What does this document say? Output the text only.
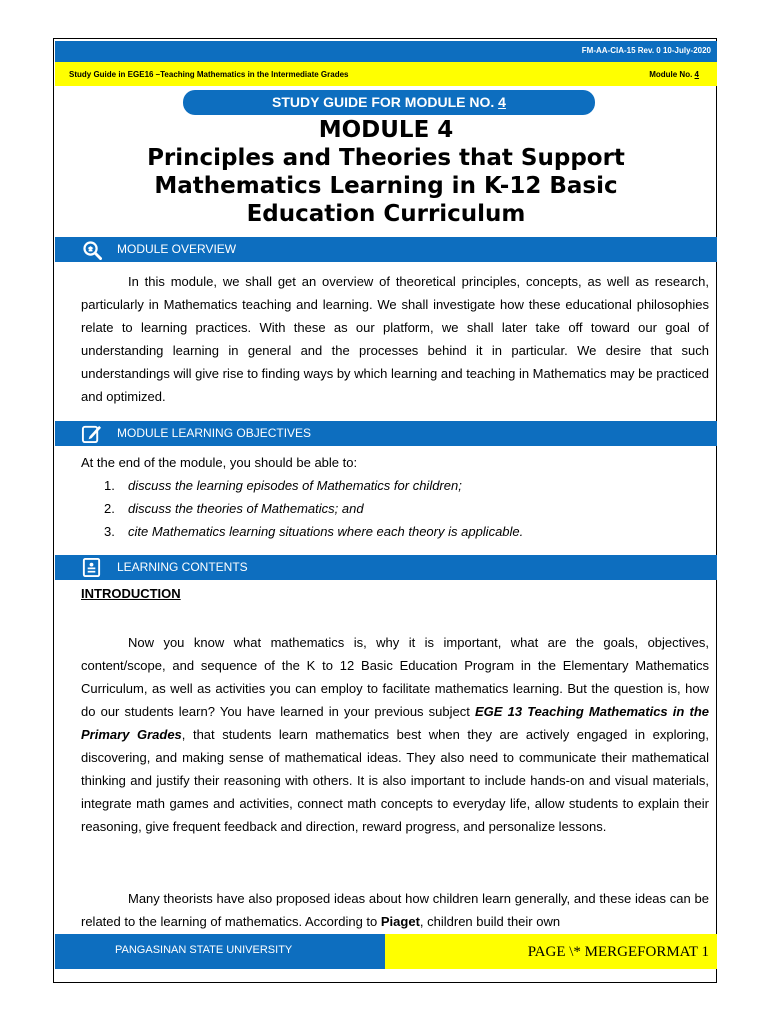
FM-AA-CIA-15 Rev. 0 10-July-2020
Study Guide in EGE16 –Teaching Mathematics in the Intermediate Grades	Module No. 4
STUDY GUIDE FOR MODULE NO. 4
MODULE 4
Principles and Theories that Support
Mathematics Learning in K-12 Basic
Education Curriculum
MODULE OVERVIEW

In this module, we shall get an overview of theoretical principles, concepts, as well as research, particularly in Mathematics teaching and learning. We shall investigate how these educational philosophies relate to learning practices. With these as our platform, we shall later take off toward our goal of understanding learning in general and the processes behind it in particular. We desire that such understandings will give rise to finding ways by which learning and teaching in Mathematics may be practiced and optimized.

MODULE LEARNING OBJECTIVES
At the end of the module, you should be able to:
1. discuss the learning episodes of Mathematics for children;
2. discuss the theories of Mathematics; and
3. cite Mathematics learning situations where each theory is applicable.
LEARNING CONTENTS
INTRODUCTION

Now you know what mathematics is, why it is important, what are the goals, objectives, content/scope, and sequence of the K to 12 Basic Education Program in the Elementary Mathematics Curriculum, as well as activities you can employ to facilitate mathematics learning. But the question is, how do our students learn? You have learned in your previous subject EGE 13 Teaching Mathematics in the Primary Grades, that students learn mathematics best when they are actively engaged in exploring, discovering, and making sense of mathematical ideas. They also need to communicate their mathematical thinking and justify their reasoning with others. It is also important to include hands-on and visual materials, integrate math games and activities, connect math concepts to everyday life, allow students to explain their reasoning, give frequent feedback and direction, reward progress, and personalize lessons.

Many theorists have also proposed ideas about how children learn generally, and these ideas can be related to the learning of mathematics. According to Piaget, children build their own

PANGASINAN STATE UNIVERSITY	PAGE \* MERGEFORMAT 1
